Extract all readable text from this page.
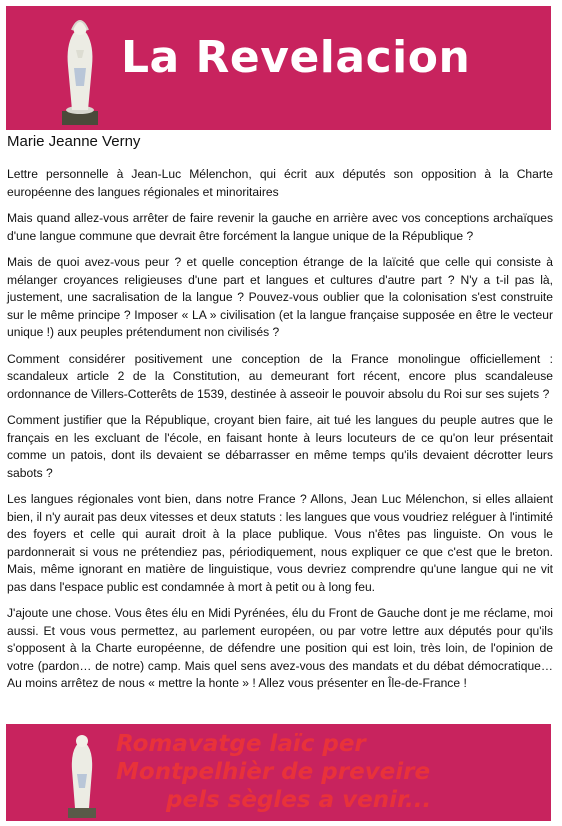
La Revelacion
Marie Jeanne Verny

Lettre personnelle à Jean-Luc Mélenchon, qui écrit aux députés son opposition à la Charte européenne des langues régionales et minoritaires

Mais quand allez-vous arrêter de faire revenir la gauche en arrière avec vos conceptions archaïques d'une langue commune que devrait être forcément la langue unique de la République ?

Mais de quoi avez-vous peur ? et quelle conception étrange de la laïcité que celle qui consiste à mélanger croyances religieuses d'une part et langues et cultures d'autre part ? N'y a t-il pas là, justement, une sacralisation de la langue ? Pouvez-vous oublier que la colonisation s'est construite sur le même principe ? Imposer « LA » civilisation (et la langue française supposée en être le vecteur unique !) aux peuples prétendument non civilisés ?

Comment considérer positivement une conception de la France monolingue officiellement : scandaleux article 2 de la Constitution, au demeurant fort récent, encore plus scandaleuse ordonnance de Villers-Cotterêts de 1539, destinée à asseoir le pouvoir absolu du Roi sur ses sujets ?

Comment justifier que la République, croyant bien faire, ait tué les langues du peuple autres que le français en les excluant de l'école, en faisant honte à leurs locuteurs de ce qu'on leur présentait comme un patois, dont ils devaient se débarrasser en même temps qu'ils devaient décrotter leurs sabots ?

Les langues régionales vont bien, dans notre France ? Allons, Jean Luc Mélenchon, si elles allaient bien, il n'y aurait pas deux vitesses et deux statuts : les langues que vous voudriez reléguer à l'intimité des foyers et celle qui aurait droit à la place publique. Vous n'êtes pas linguiste. On vous le pardonnerait si vous ne prétendiez pas, périodiquement, nous expliquer ce que c'est que le breton. Mais, même ignorant en matière de linguistique, vous devriez comprendre qu'une langue qui ne vit pas dans l'espace public est condamnée à mort à petit ou à long feu.

J'ajoute une chose. Vous êtes élu en Midi Pyrénées, élu du Front de Gauche dont je me réclame, moi aussi. Et vous vous permettez, au parlement européen, ou par votre lettre aux députés pour qu'ils s'opposent à la Charte européenne, de défendre une position qui est loin, très loin, de l'opinion de votre (pardon… de notre) camp. Mais quel sens avez-vous des mandats et du débat démocratique… Au moins arrêtez de nous « mettre la honte » ! Allez vous présenter en Île-de-France !

Romavatge laïc per
Montpelhièr de preveire
pels sègles a venir...
